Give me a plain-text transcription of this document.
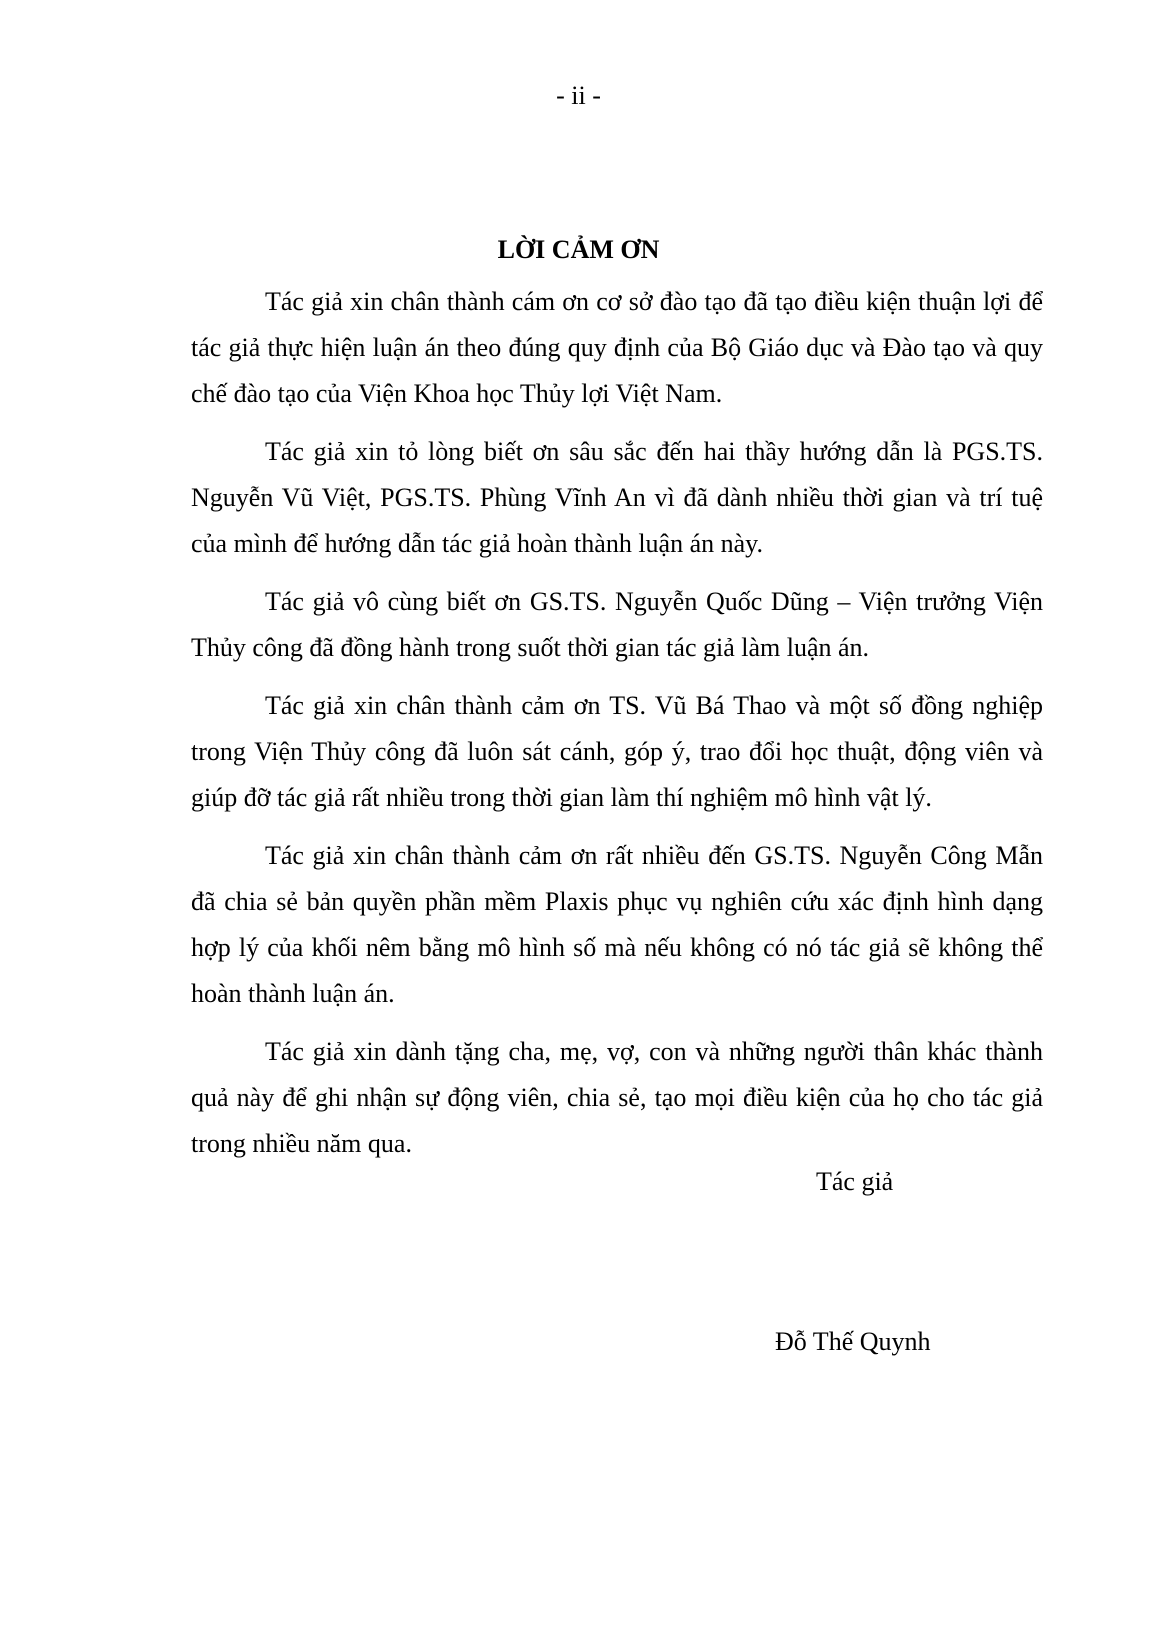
- ii -
LỜI CẢM ƠN

Tác giả xin chân thành cám ơn cơ sở đào tạo đã tạo điều kiện thuận lợi để tác giả thực hiện luận án theo đúng quy định của Bộ Giáo dục và Đào tạo và quy chế đào tạo của Viện Khoa học Thủy lợi Việt Nam.

Tác giả xin tỏ lòng biết ơn sâu sắc đến hai thầy hướng dẫn là PGS.TS. Nguyễn Vũ Việt, PGS.TS. Phùng Vĩnh An vì đã dành nhiều thời gian và trí tuệ của mình để hướng dẫn tác giả hoàn thành luận án này.

Tác giả vô cùng biết ơn GS.TS. Nguyễn Quốc Dũng – Viện trưởng Viện Thủy công đã đồng hành trong suốt thời gian tác giả làm luận án.

Tác giả xin chân thành cảm ơn TS. Vũ Bá Thao và một số đồng nghiệp trong Viện Thủy công đã luôn sát cánh, góp ý, trao đổi học thuật, động viên và giúp đỡ tác giả rất nhiều trong thời gian làm thí nghiệm mô hình vật lý.

Tác giả xin chân thành cảm ơn rất nhiều đến GS.TS. Nguyễn Công Mẫn đã chia sẻ bản quyền phần mềm Plaxis phục vụ nghiên cứu xác định hình dạng hợp lý của khối nêm bằng mô hình số mà nếu không có nó tác giả sẽ không thể hoàn thành luận án.

Tác giả xin dành tặng cha, mẹ, vợ, con và những người thân khác thành quả này để ghi nhận sự động viên, chia sẻ, tạo mọi điều kiện của họ cho tác giả trong nhiều năm qua.

Tác giả
Đỗ Thế Quynh
